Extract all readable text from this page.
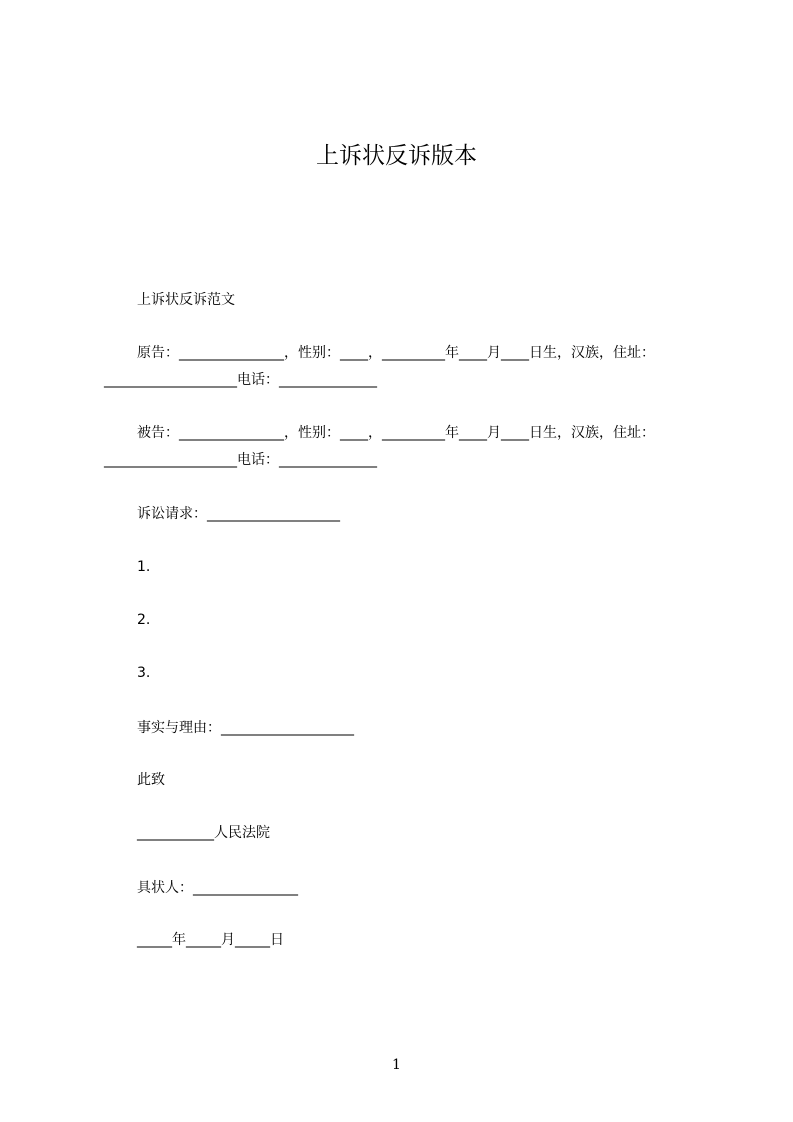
上诉状反诉版本
上诉状反诉范文
原告：_______________，性别：____，_________年____月____日生，汉族，住址：
___________________电话：______________
被告：_______________，性别：____，_________年____月____日生，汉族，住址：
___________________电话：______________
诉讼请求：___________________
1.
2.
3.
事实与理由：___________________
此致
___________人民法院
具状人：_______________
_____年_____月_____日
1
